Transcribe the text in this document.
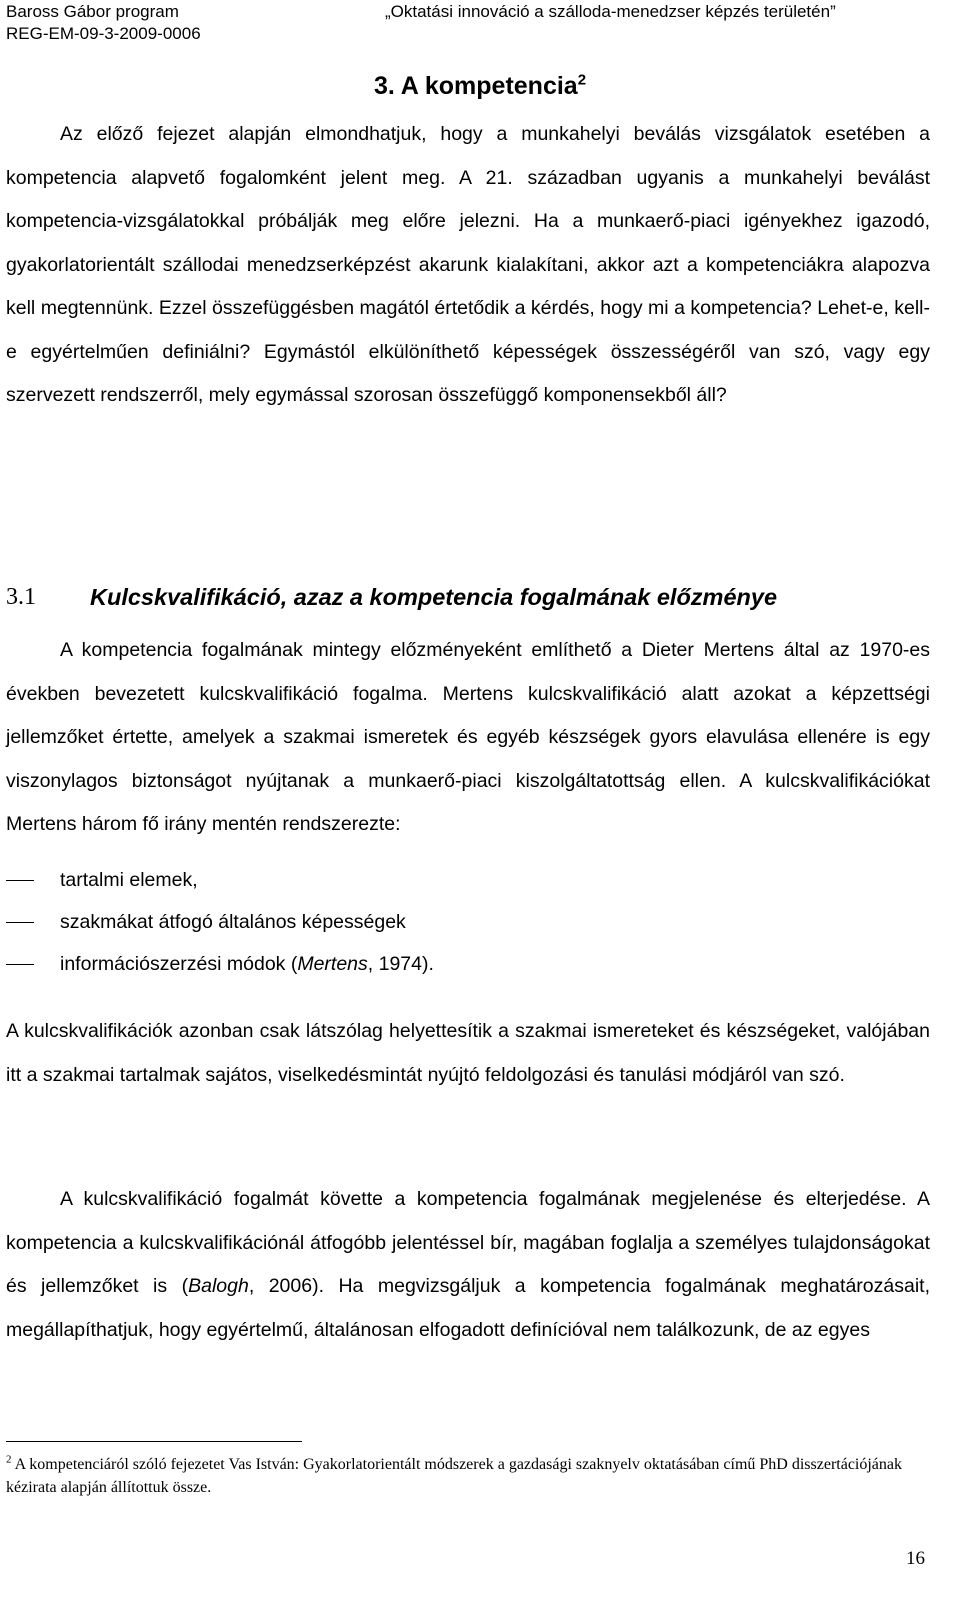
Baross Gábor program
REG-EM-09-3-2009-0006
„Oktatási innováció a szálloda-menedzser képzés területén”
3. A kompetencia$^2$
Az előző fejezet alapján elmondhatjuk, hogy a munkahelyi beválás vizsgálatok esetében a kompetencia alapvető fogalomként jelent meg. A 21. században ugyanis a munkahelyi beválást kompetencia-vizsgálatokkal próbálják meg előre jelezni. Ha a munkaerő-piaci igényekhez igazodó, gyakorlatorientált szállodai menedzserképzést akarunk kialakítani, akkor azt a kompetenciákra alapozva kell megtennünk. Ezzel összefüggésben magától értetődik a kérdés, hogy mi a kompetencia? Lehet-e, kell-e egyértelműen definiálni? Egymástól elkülöníthető képességek összességéről van szó, vagy egy szervezett rendszerről, mely egymással szorosan összefüggő komponensekből áll?
3.1 Kulcskvalifikáció, azaz a kompetencia fogalmának előzménye
A kompetencia fogalmának mintegy előzményeként említhető a Dieter Mertens által az 1970-es években bevezetett kulcskvalifikáció fogalma. Mertens kulcskvalifikáció alatt azokat a képzettségi jellemzőket értette, amelyek a szakmai ismeretek és egyéb készségek gyors elavulása ellenére is egy viszonylagos biztonságot nyújtanak a munkaerő-piaci kiszolgáltatottság ellen. A kulcskvalifikációkat Mertens három fő irány mentén rendszerezte:
tartalmi elemek,
szakmákat átfogó általános képességek
információszerzési módok (Mertens, 1974).
A kulcskvalifikációk azonban csak látszólag helyettesítik a szakmai ismereteket és készségeket, valójában itt a szakmai tartalmak sajátos, viselkedésmintát nyújtó feldolgozási és tanulási módjáról van szó.
A kulcskvalifikáció fogalmát követte a kompetencia fogalmának megjelenése és elterjedése. A kompetencia a kulcskvalifikációnál átfogóbb jelentéssel bír, magában foglalja a személyes tulajdonságokat és jellemzőket is (Balogh, 2006). Ha megvizsgáljuk a kompetencia fogalmának meghatározásait, megállapíthatjuk, hogy egyértelmű, általánosan elfogadott definícióval nem találkozunk, de az egyes
$^2$ A kompetenciáról szóló fejezetet Vas István: Gyakorlatorientált módszerek a gazdasági szaknyelv oktatásában című PhD disszertációjának kézirata alapján állítottuk össze.
16
